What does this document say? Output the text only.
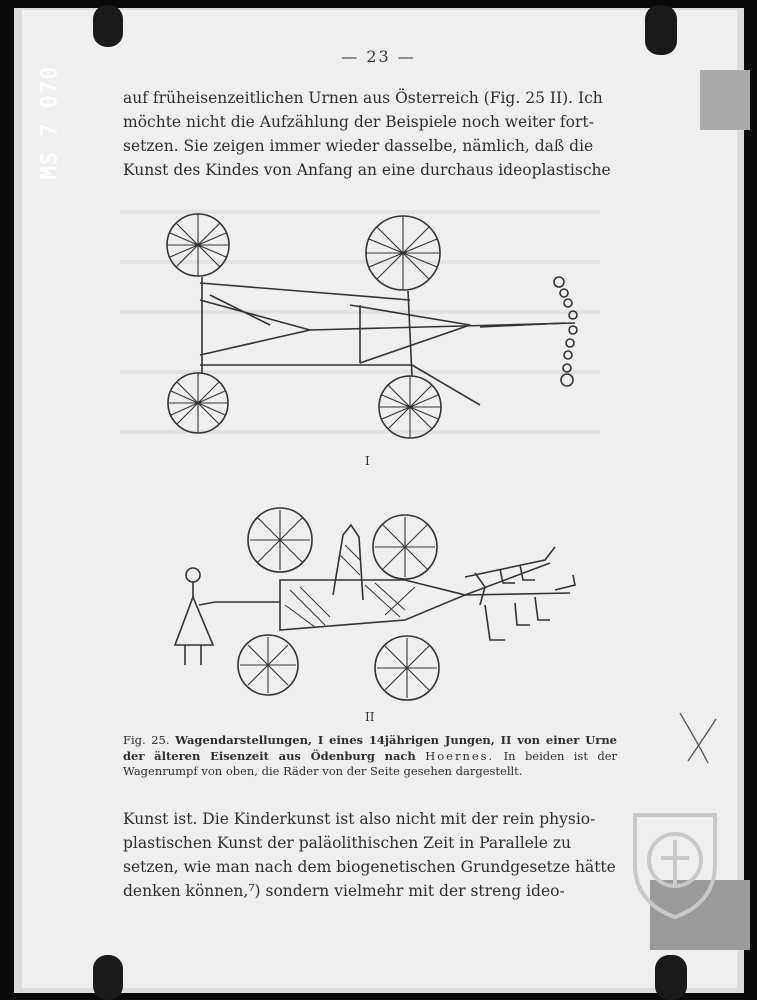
MS 7 070
— 23 —

auf früheisenzeitlichen Urnen aus Österreich (Fig. 25 II). Ich

möchte nicht die Aufzählung der Beispiele noch weiter fort-

setzen. Sie zeigen immer wieder dasselbe, nämlich, daß die

Kunst des Kindes von Anfang an eine durchaus ideoplastische

I
II
Fig. 25. Wagendarstellungen, I eines 14jährigen Jungen, II von einer Urne der älteren Eisenzeit aus Ödenburg nach Hoernes. In beiden ist der Wagenrumpf von oben, die Räder von der Seite gesehen dargestellt.

Kunst ist. Die Kinderkunst ist also nicht mit der rein physio-

plastischen Kunst der paläolithischen Zeit in Parallele zu

setzen, wie man nach dem biogenetischen Grundgesetze hätte

denken können,⁷) sondern vielmehr mit der streng ideo-
